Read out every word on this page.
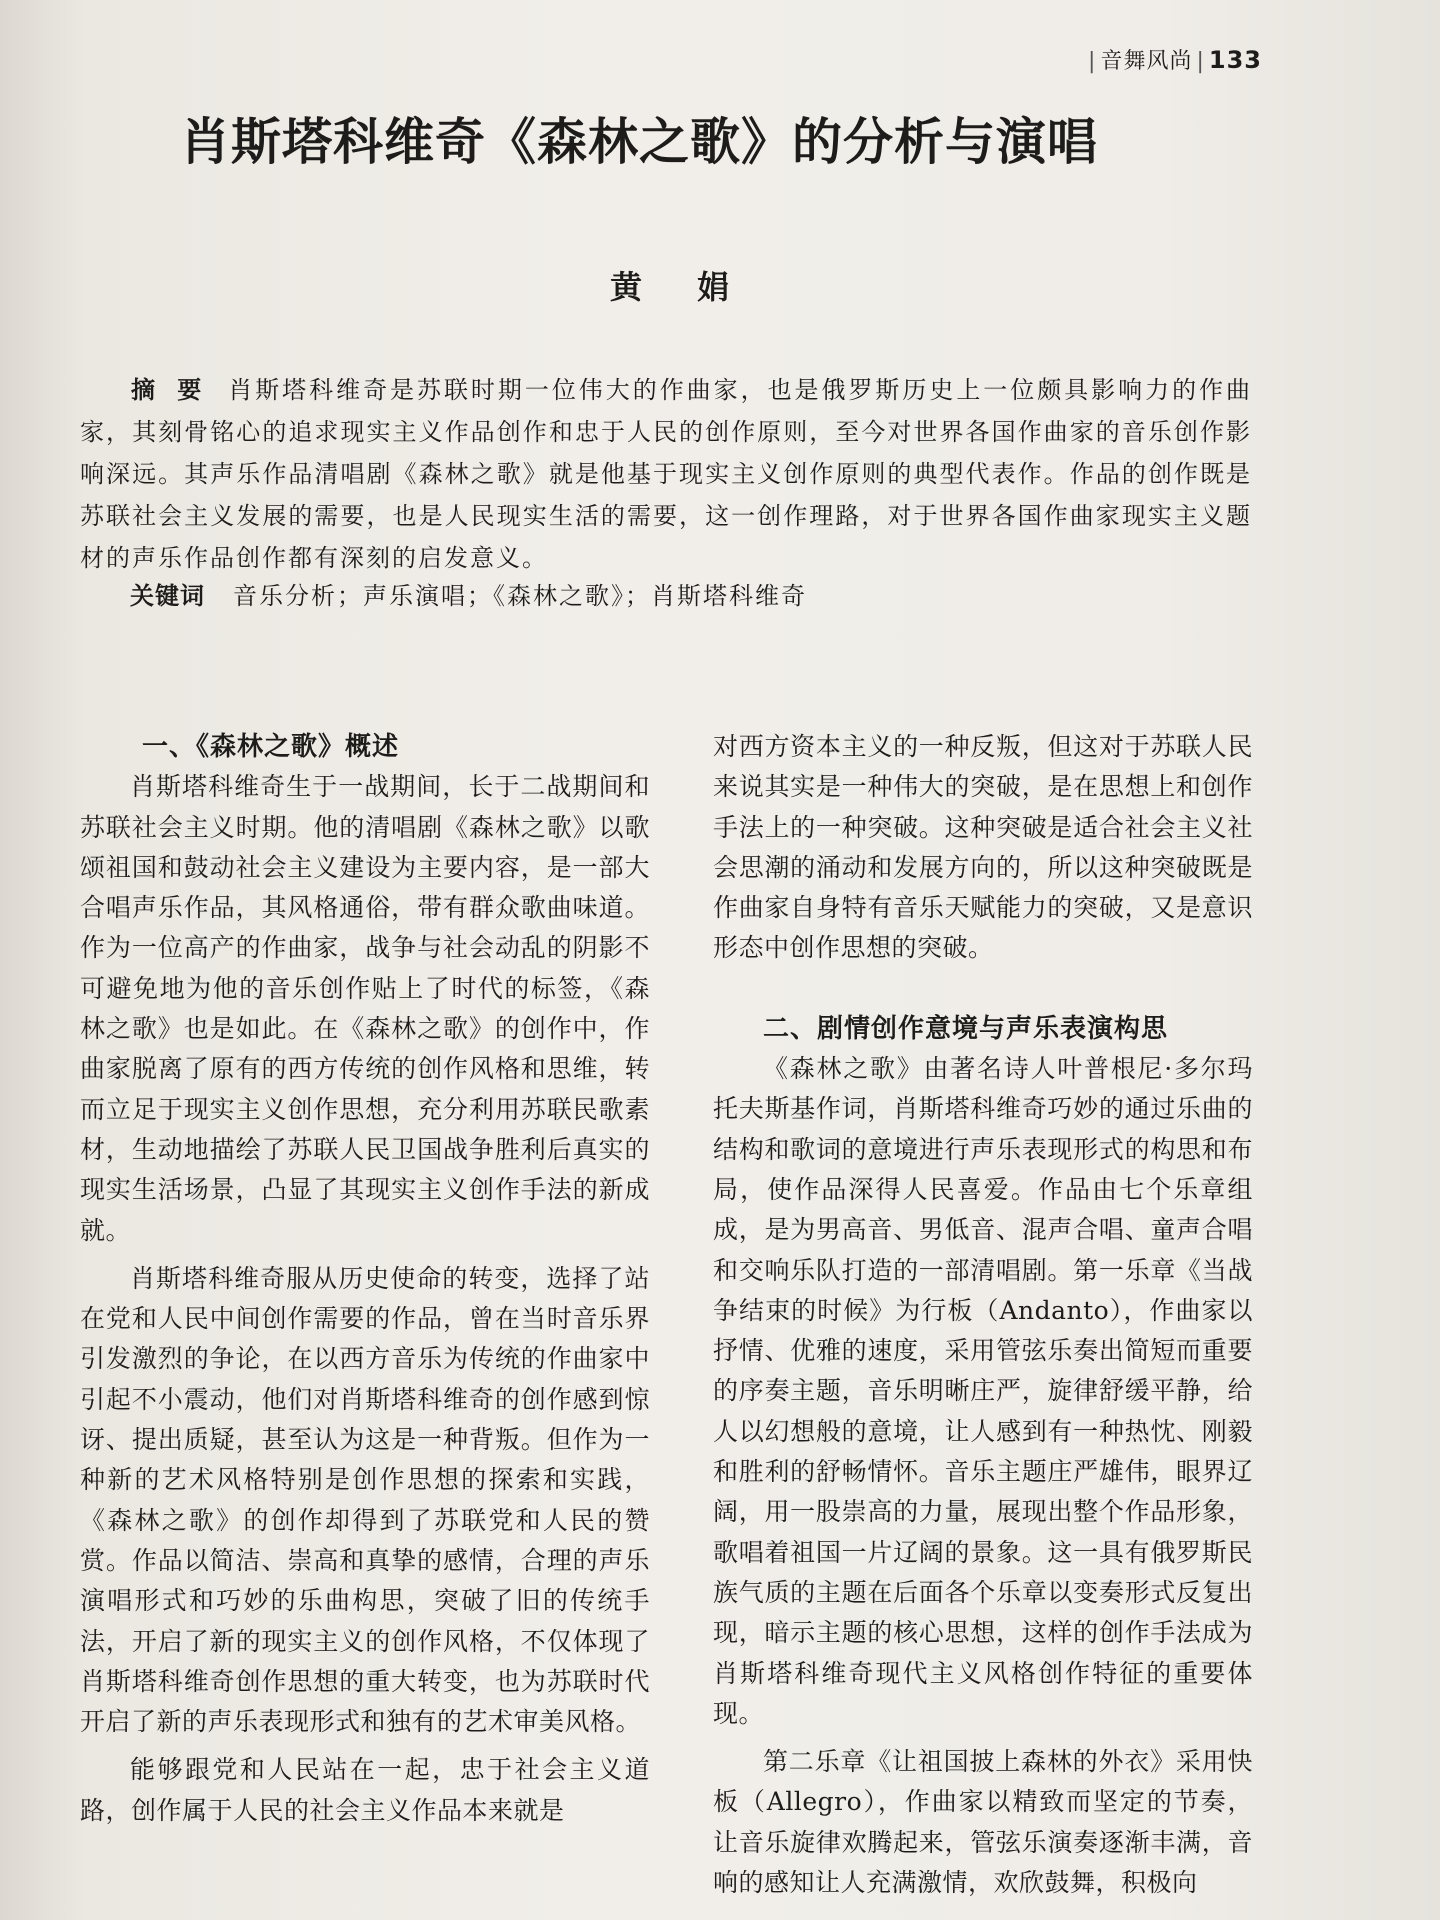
| 音舞风尚 | 133
肖斯塔科维奇《森林之歌》的分析与演唱
黄 娟
摘 要 肖斯塔科维奇是苏联时期一位伟大的作曲家，也是俄罗斯历史上一位颇具影响力的作曲家，其刻骨铭心的追求现实主义作品创作和忠于人民的创作原则，至今对世界各国作曲家的音乐创作影响深远。其声乐作品清唱剧《森林之歌》就是他基于现实主义创作原则的典型代表作。作品的创作既是苏联社会主义发展的需要，也是人民现实生活的需要，这一创作理路，对于世界各国作曲家现实主义题材的声乐作品创作都有深刻的启发意义。
关键词 音乐分析；声乐演唱；《森林之歌》；肖斯塔科维奇
一、《森林之歌》概述

肖斯塔科维奇生于一战期间，长于二战期间和苏联社会主义时期。他的清唱剧《森林之歌》以歌颂祖国和鼓动社会主义建设为主要内容，是一部大合唱声乐作品，其风格通俗，带有群众歌曲味道。作为一位高产的作曲家，战争与社会动乱的阴影不可避免地为他的音乐创作贴上了时代的标签，《森林之歌》也是如此。在《森林之歌》的创作中，作曲家脱离了原有的西方传统的创作风格和思维，转而立足于现实主义创作思想，充分利用苏联民歌素材，生动地描绘了苏联人民卫国战争胜利后真实的现实生活场景，凸显了其现实主义创作手法的新成就。

肖斯塔科维奇服从历史使命的转变，选择了站在党和人民中间创作需要的作品，曾在当时音乐界引发激烈的争论，在以西方音乐为传统的作曲家中引起不小震动，他们对肖斯塔科维奇的创作感到惊讶、提出质疑，甚至认为这是一种背叛。但作为一种新的艺术风格特别是创作思想的探索和实践，《森林之歌》的创作却得到了苏联党和人民的赞赏。作品以简洁、崇高和真挚的感情，合理的声乐演唱形式和巧妙的乐曲构思，突破了旧的传统手法，开启了新的现实主义的创作风格，不仅体现了肖斯塔科维奇创作思想的重大转变，也为苏联时代开启了新的声乐表现形式和独有的艺术审美风格。

能够跟党和人民站在一起，忠于社会主义道路，创作属于人民的社会主义作品本来就是

对西方资本主义的一种反叛，但这对于苏联人民来说其实是一种伟大的突破，是在思想上和创作手法上的一种突破。这种突破是适合社会主义社会思潮的涌动和发展方向的，所以这种突破既是作曲家自身特有音乐天赋能力的突破，又是意识形态中创作思想的突破。

二、剧情创作意境与声乐表演构思

《森林之歌》由著名诗人叶普根尼·多尔玛托夫斯基作词，肖斯塔科维奇巧妙的通过乐曲的结构和歌词的意境进行声乐表现形式的构思和布局，使作品深得人民喜爱。作品由七个乐章组成，是为男高音、男低音、混声合唱、童声合唱和交响乐队打造的一部清唱剧。第一乐章《当战争结束的时候》为行板（Andanto），作曲家以抒情、优雅的速度，采用管弦乐奏出简短而重要的序奏主题，音乐明晰庄严，旋律舒缓平静，给人以幻想般的意境，让人感到有一种热忱、刚毅和胜利的舒畅情怀。音乐主题庄严雄伟，眼界辽阔，用一股崇高的力量，展现出整个作品形象，歌唱着祖国一片辽阔的景象。这一具有俄罗斯民族气质的主题在后面各个乐章以变奏形式反复出现，暗示主题的核心思想，这样的创作手法成为肖斯塔科维奇现代主义风格创作特征的重要体现。

第二乐章《让祖国披上森林的外衣》采用快板（Allegro），作曲家以精致而坚定的节奏，让音乐旋律欢腾起来，管弦乐演奏逐渐丰满，音响的感知让人充满激情，欢欣鼓舞，积极向
